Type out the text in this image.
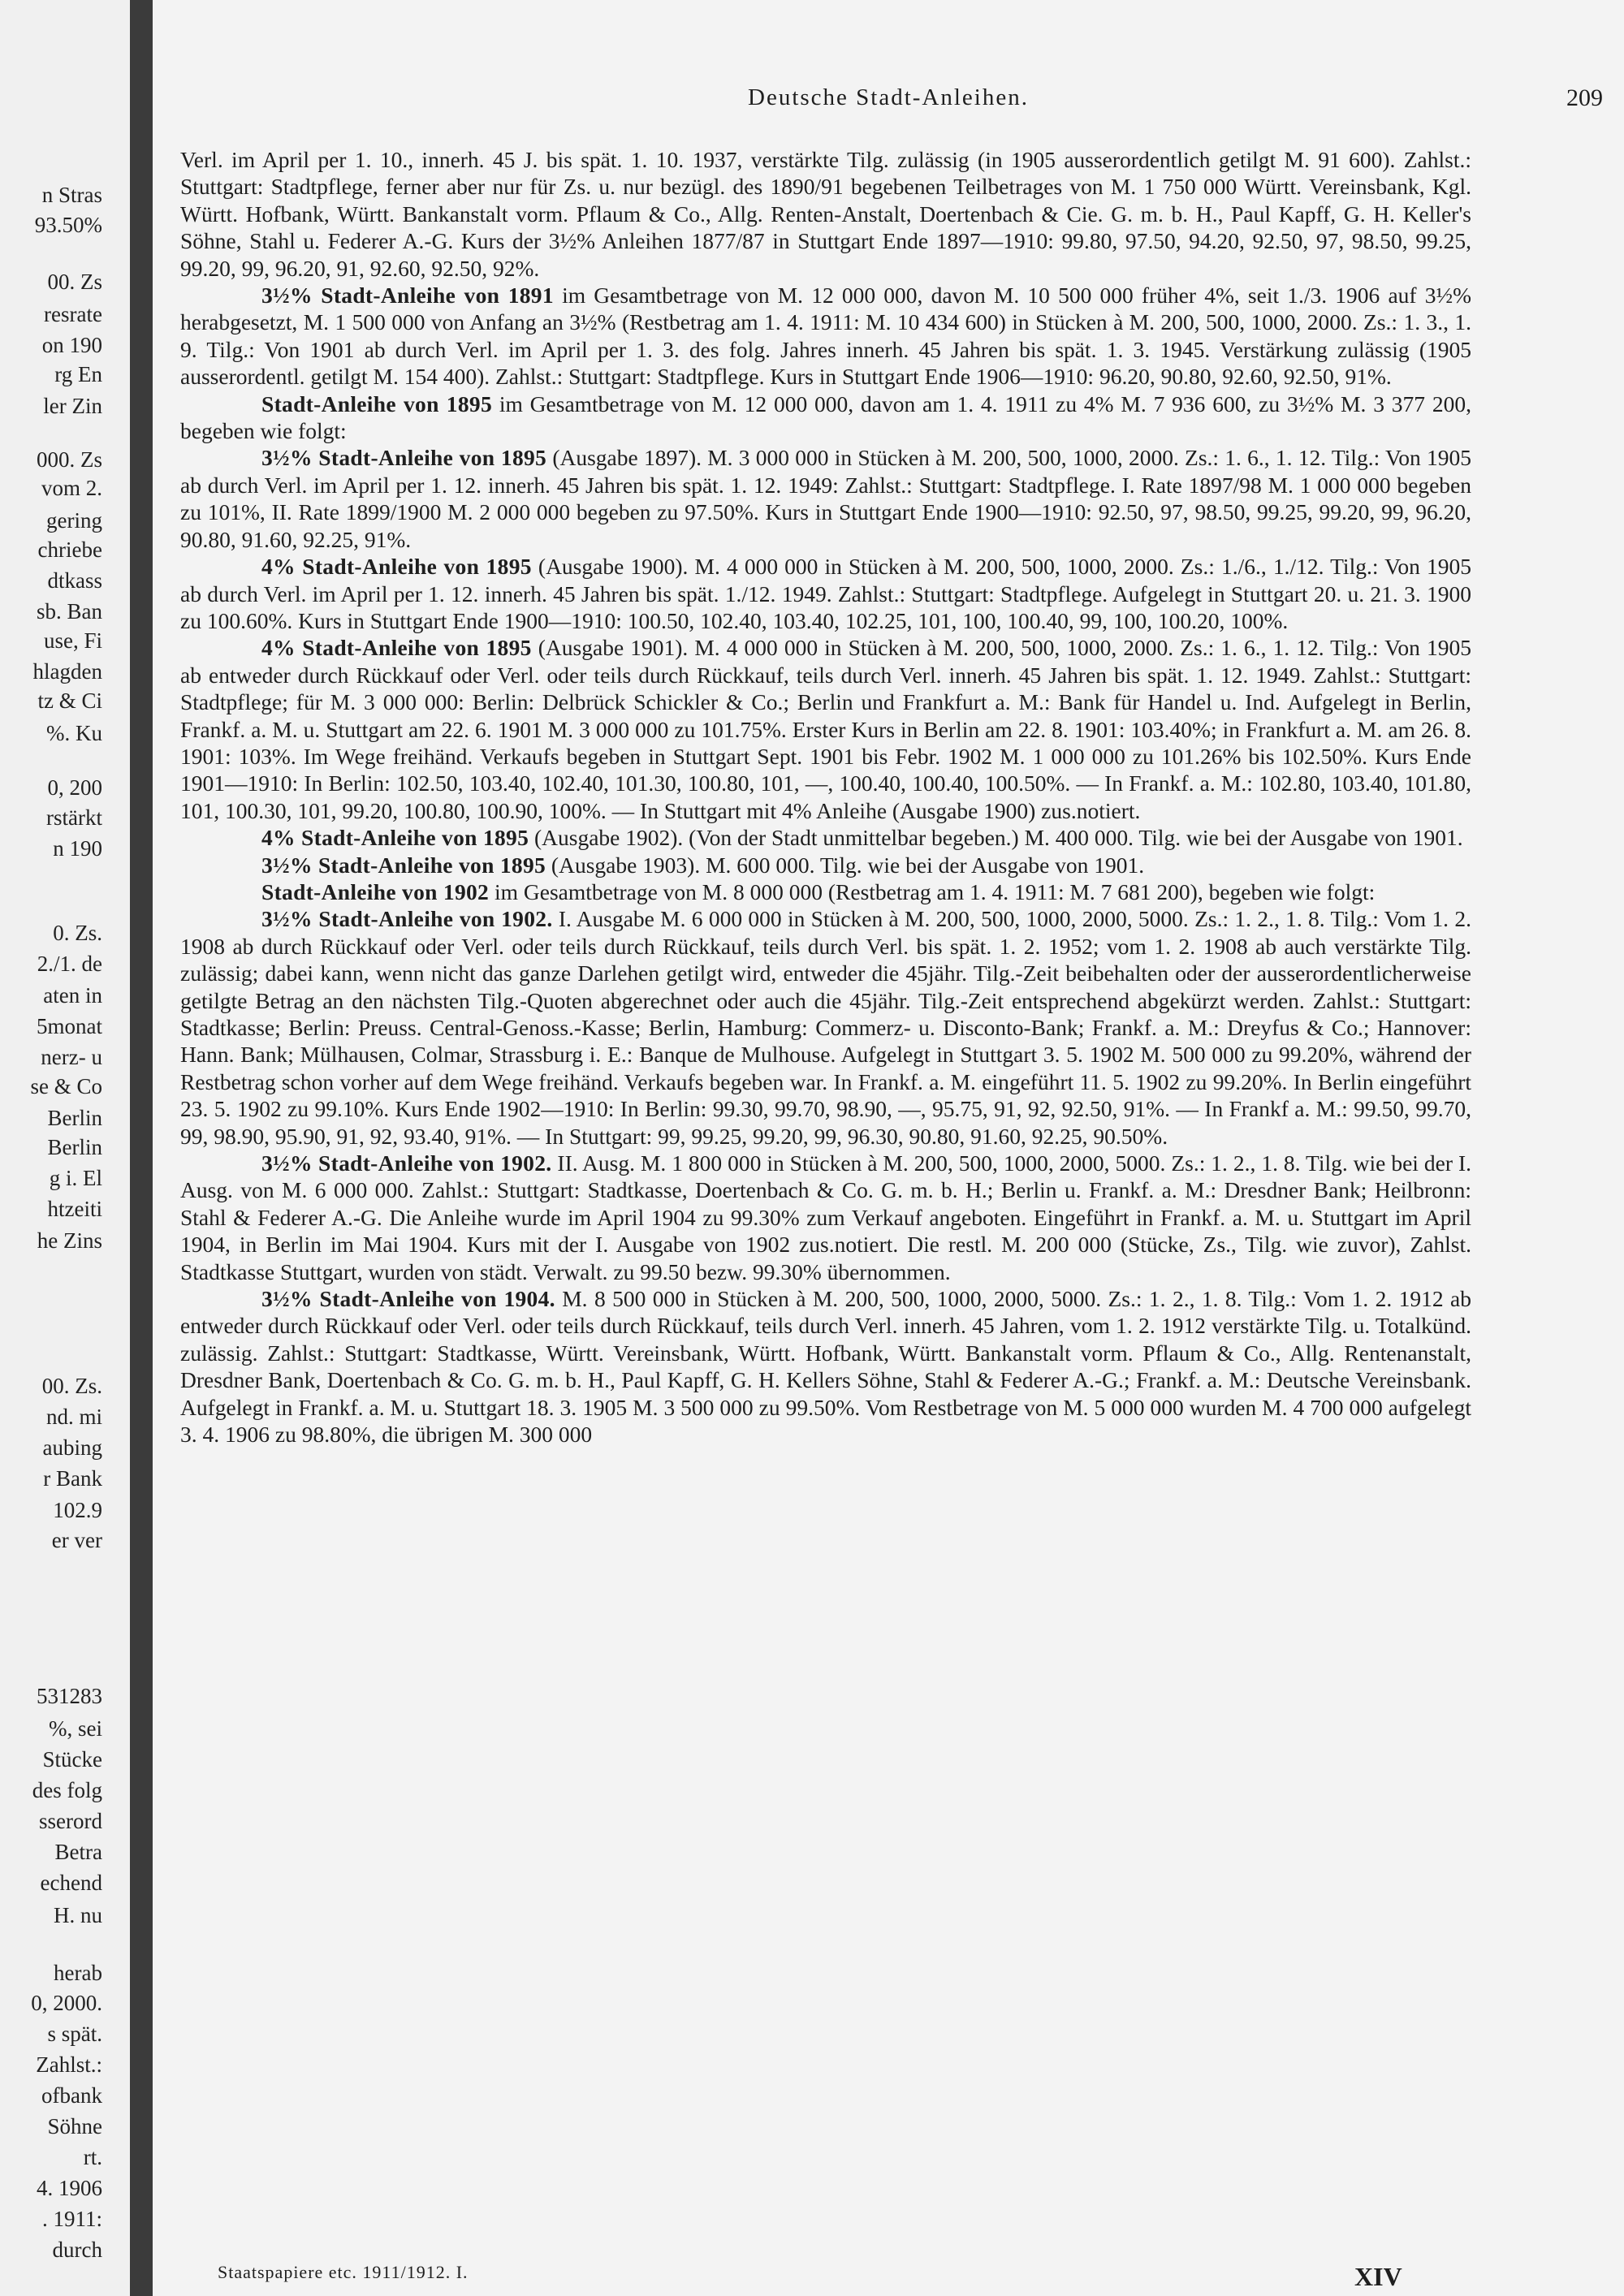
n Stras
93.50%
00. Zs
resrate
on 190
rg En
ler Zin
000. Zs
vom 2.
gering
chriebe
dtkass
sb. Ban
use, Fi
hlagden
tz & Ci
%. Ku
0, 200
rstärkt
n 190
0. Zs.
2./1. de
aten in
5monat
nerz- u
se & Co
Berlin
Berlin
g i. El
htzeiti
he Zins
00. Zs.
nd. mi
aubing
r Bank
102.9
er ver
531283
%, sei
Stücke
des folg
sserord
Betra
echend
H. nu
herab
0, 2000.
s spät.
Zahlst.:
ofbank
Söhne
rt.
4. 1906
. 1911:
durch
Deutsche Stadt-Anleihen.	209

Verl. im April per 1. 10., innerh. 45 J. bis spät. 1. 10. 1937, verstärkte Tilg. zulässig (in 1905 ausserordentlich getilgt M. 91 600). Zahlst.: Stuttgart: Stadtpflege, ferner aber nur für Zs. u. nur bezügl. des 1890/91 begebenen Teilbetrages von M. 1 750 000 Württ. Vereinsbank, Kgl. Württ. Hofbank, Württ. Bankanstalt vorm. Pflaum & Co., Allg. Renten-Anstalt, Doertenbach & Cie. G. m. b. H., Paul Kapff, G. H. Keller's Söhne, Stahl u. Federer A.-G. Kurs der 3½% Anleihen 1877/87 in Stuttgart Ende 1897—1910: 99.80, 97.50, 94.20, 92.50, 97, 98.50, 99.25, 99.20, 99, 96.20, 91, 92.60, 92.50, 92%.

3½% Stadt-Anleihe von 1891 im Gesamtbetrage von M. 12 000 000, davon M. 10 500 000 früher 4%, seit 1./3. 1906 auf 3½% herabgesetzt, M. 1 500 000 von Anfang an 3½% (Restbetrag am 1. 4. 1911: M. 10 434 600) in Stücken à M. 200, 500, 1000, 2000. Zs.: 1. 3., 1. 9. Tilg.: Von 1901 ab durch Verl. im April per 1. 3. des folg. Jahres innerh. 45 Jahren bis spät. 1. 3. 1945. Verstärkung zulässig (1905 ausserordentl. getilgt M. 154 400). Zahlst.: Stuttgart: Stadtpflege. Kurs in Stuttgart Ende 1906—1910: 96.20, 90.80, 92.60, 92.50, 91%.

Stadt-Anleihe von 1895 im Gesamtbetrage von M. 12 000 000, davon am 1. 4. 1911 zu 4% M. 7 936 600, zu 3½% M. 3 377 200, begeben wie folgt:

3½% Stadt-Anleihe von 1895 (Ausgabe 1897). M. 3 000 000 in Stücken à M. 200, 500, 1000, 2000. Zs.: 1. 6., 1. 12. Tilg.: Von 1905 ab durch Verl. im April per 1. 12. innerh. 45 Jahren bis spät. 1. 12. 1949: Zahlst.: Stuttgart: Stadtpflege. I. Rate 1897/98 M. 1 000 000 begeben zu 101%, II. Rate 1899/1900 M. 2 000 000 begeben zu 97.50%. Kurs in Stuttgart Ende 1900—1910: 92.50, 97, 98.50, 99.25, 99.20, 99, 96.20, 90.80, 91.60, 92.25, 91%.

4% Stadt-Anleihe von 1895 (Ausgabe 1900). M. 4 000 000 in Stücken à M. 200, 500, 1000, 2000. Zs.: 1./6., 1./12. Tilg.: Von 1905 ab durch Verl. im April per 1. 12. innerh. 45 Jahren bis spät. 1./12. 1949. Zahlst.: Stuttgart: Stadtpflege. Aufgelegt in Stuttgart 20. u. 21. 3. 1900 zu 100.60%. Kurs in Stuttgart Ende 1900—1910: 100.50, 102.40, 103.40, 102.25, 101, 100, 100.40, 99, 100, 100.20, 100%.

4% Stadt-Anleihe von 1895 (Ausgabe 1901). M. 4 000 000 in Stücken à M. 200, 500, 1000, 2000. Zs.: 1. 6., 1. 12. Tilg.: Von 1905 ab entweder durch Rückkauf oder Verl. oder teils durch Rückkauf, teils durch Verl. innerh. 45 Jahren bis spät. 1. 12. 1949. Zahlst.: Stuttgart: Stadtpflege; für M. 3 000 000: Berlin: Delbrück Schickler & Co.; Berlin und Frankfurt a. M.: Bank für Handel u. Ind. Aufgelegt in Berlin, Frankf. a. M. u. Stuttgart am 22. 6. 1901 M. 3 000 000 zu 101.75%. Erster Kurs in Berlin am 22. 8. 1901: 103.40%; in Frankfurt a. M. am 26. 8. 1901: 103%. Im Wege freihänd. Verkaufs begeben in Stuttgart Sept. 1901 bis Febr. 1902 M. 1 000 000 zu 101.26% bis 102.50%. Kurs Ende 1901—1910: In Berlin: 102.50, 103.40, 102.40, 101.30, 100.80, 101, —, 100.40, 100.40, 100.50%. — In Frankf. a. M.: 102.80, 103.40, 101.80, 101, 100.30, 101, 99.20, 100.80, 100.90, 100%. — In Stuttgart mit 4% Anleihe (Ausgabe 1900) zus.notiert.

4% Stadt-Anleihe von 1895 (Ausgabe 1902). (Von der Stadt unmittelbar begeben.) M. 400 000. Tilg. wie bei der Ausgabe von 1901.

3½% Stadt-Anleihe von 1895 (Ausgabe 1903). M. 600 000. Tilg. wie bei der Ausgabe von 1901.

Stadt-Anleihe von 1902 im Gesamtbetrage von M. 8 000 000 (Restbetrag am 1. 4. 1911: M. 7 681 200), begeben wie folgt:

3½% Stadt-Anleihe von 1902. I. Ausgabe M. 6 000 000 in Stücken à M. 200, 500, 1000, 2000, 5000. Zs.: 1. 2., 1. 8. Tilg.: Vom 1. 2. 1908 ab durch Rückkauf oder Verl. oder teils durch Rückkauf, teils durch Verl. bis spät. 1. 2. 1952; vom 1. 2. 1908 ab auch verstärkte Tilg. zulässig; dabei kann, wenn nicht das ganze Darlehen getilgt wird, entweder die 45jähr. Tilg.-Zeit beibehalten oder der ausserordentlicherweise getilgte Betrag an den nächsten Tilg.-Quoten abgerechnet oder auch die 45jähr. Tilg.-Zeit entsprechend abgekürzt werden. Zahlst.: Stuttgart: Stadtkasse; Berlin: Preuss. Central-Genoss.-Kasse; Berlin, Hamburg: Commerz- u. Disconto-Bank; Frankf. a. M.: Dreyfus & Co.; Hannover: Hann. Bank; Mülhausen, Colmar, Strassburg i. E.: Banque de Mulhouse. Aufgelegt in Stuttgart 3. 5. 1902 M. 500 000 zu 99.20%, während der Restbetrag schon vorher auf dem Wege freihänd. Verkaufs begeben war. In Frankf. a. M. eingeführt 11. 5. 1902 zu 99.20%. In Berlin eingeführt 23. 5. 1902 zu 99.10%. Kurs Ende 1902—1910: In Berlin: 99.30, 99.70, 98.90, —, 95.75, 91, 92, 92.50, 91%. — In Frankf a. M.: 99.50, 99.70, 99, 98.90, 95.90, 91, 92, 93.40, 91%. — In Stuttgart: 99, 99.25, 99.20, 99, 96.30, 90.80, 91.60, 92.25, 90.50%.

3½% Stadt-Anleihe von 1902. II. Ausg. M. 1 800 000 in Stücken à M. 200, 500, 1000, 2000, 5000. Zs.: 1. 2., 1. 8. Tilg. wie bei der I. Ausg. von M. 6 000 000. Zahlst.: Stuttgart: Stadtkasse, Doertenbach & Co. G. m. b. H.; Berlin u. Frankf. a. M.: Dresdner Bank; Heilbronn: Stahl & Federer A.-G. Die Anleihe wurde im April 1904 zu 99.30% zum Verkauf angeboten. Eingeführt in Frankf. a. M. u. Stuttgart im April 1904, in Berlin im Mai 1904. Kurs mit der I. Ausgabe von 1902 zus.notiert. Die restl. M. 200 000 (Stücke, Zs., Tilg. wie zuvor), Zahlst. Stadtkasse Stuttgart, wurden von städt. Verwalt. zu 99.50 bezw. 99.30% übernommen.

3½% Stadt-Anleihe von 1904. M. 8 500 000 in Stücken à M. 200, 500, 1000, 2000, 5000. Zs.: 1. 2., 1. 8. Tilg.: Vom 1. 2. 1912 ab entweder durch Rückkauf oder Verl. oder teils durch Rückkauf, teils durch Verl. innerh. 45 Jahren, vom 1. 2. 1912 verstärkte Tilg. u. Totalkünd. zulässig. Zahlst.: Stuttgart: Stadtkasse, Württ. Vereinsbank, Württ. Hofbank, Württ. Bankanstalt vorm. Pflaum & Co., Allg. Rentenanstalt, Dresdner Bank, Doertenbach & Co. G. m. b. H., Paul Kapff, G. H. Kellers Söhne, Stahl & Federer A.-G.; Frankf. a. M.: Deutsche Vereinsbank. Aufgelegt in Frankf. a. M. u. Stuttgart 18. 3. 1905 M. 3 500 000 zu 99.50%. Vom Restbetrage von M. 5 000 000 wurden M. 4 700 000 aufgelegt 3. 4. 1906 zu 98.80%, die übrigen M. 300 000

Staatspapiere etc. 1911/1912. I.	XIV
